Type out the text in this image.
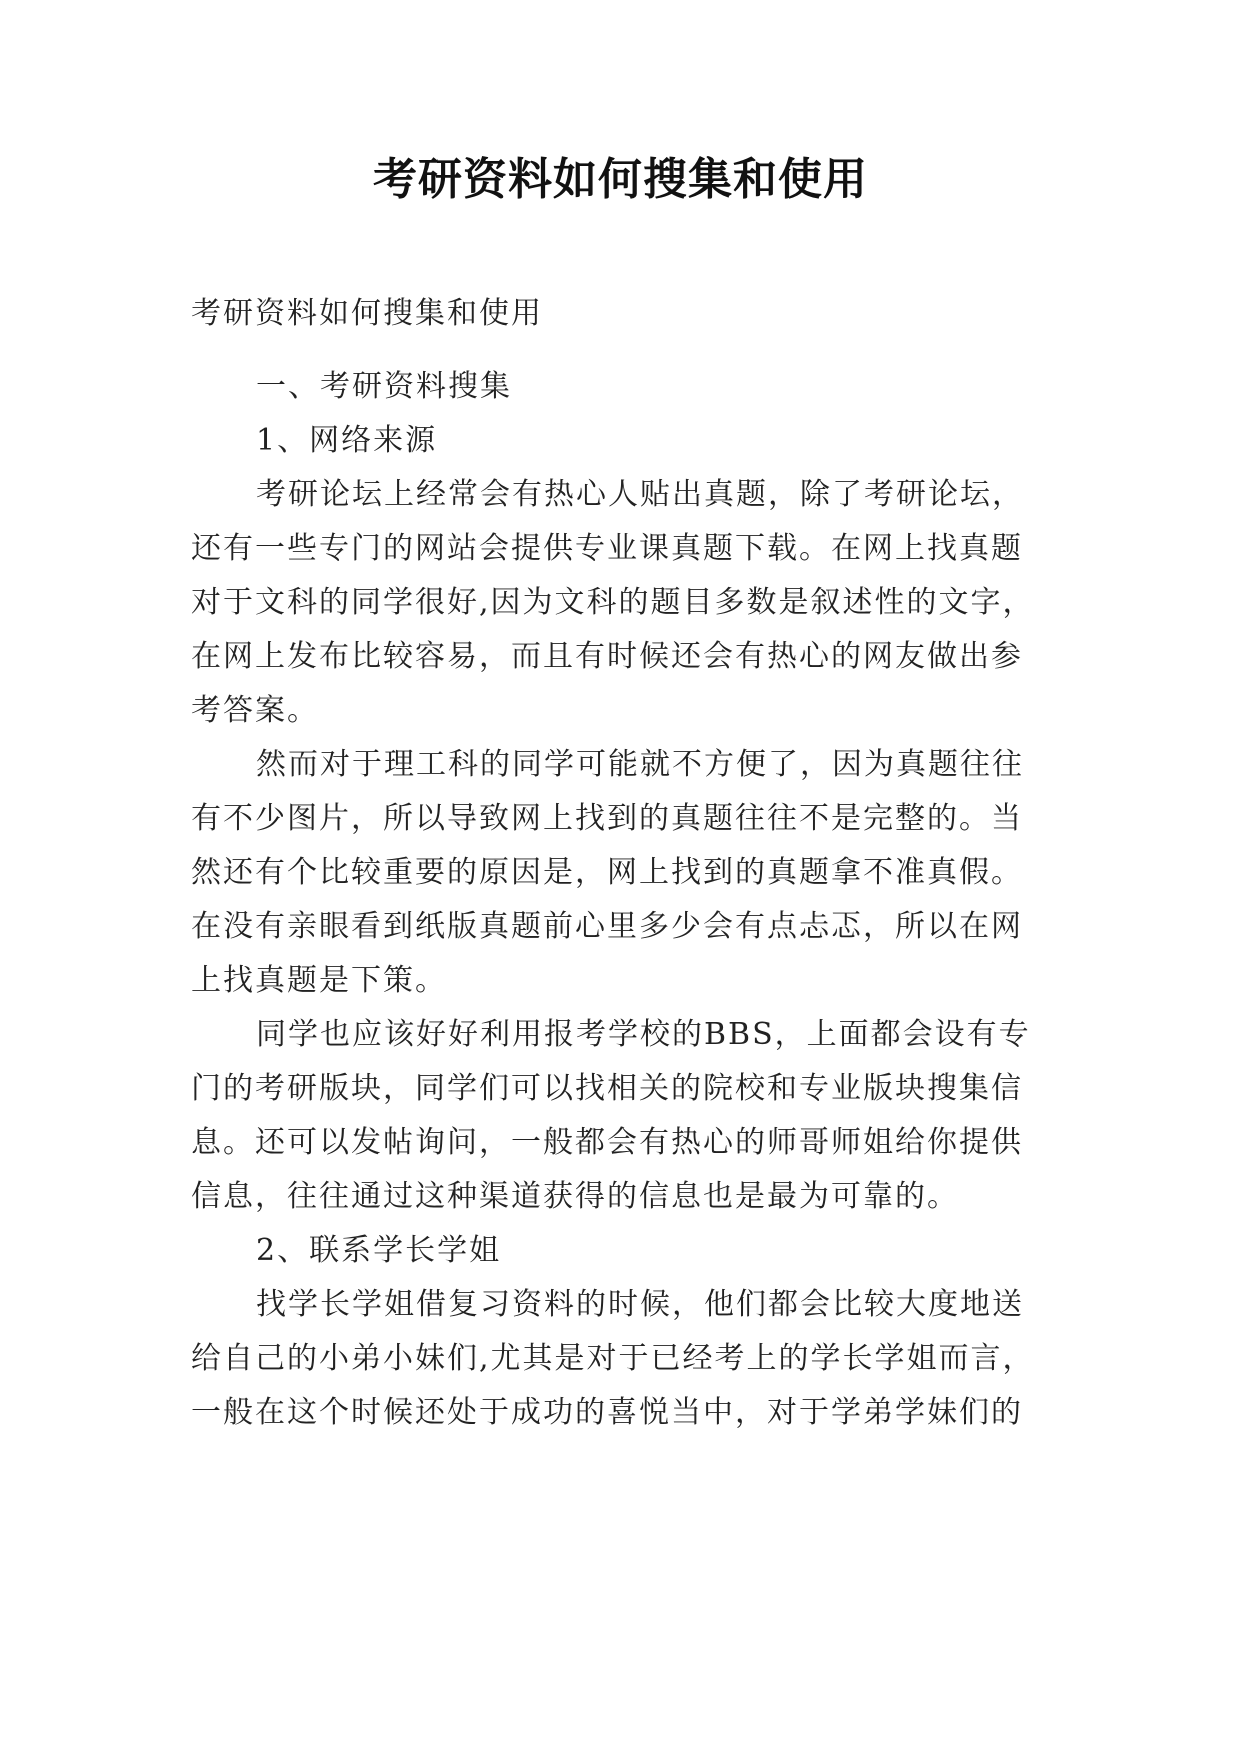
考研资料如何搜集和使用
考研资料如何搜集和使用
一、考研资料搜集
1、网络来源
考研论坛上经常会有热心人贴出真题，除了考研论坛，
还有一些专门的网站会提供专业课真题下载。在网上找真题
对于文科的同学很好,因为文科的题目多数是叙述性的文字，
在网上发布比较容易，而且有时候还会有热心的网友做出参
考答案。
然而对于理工科的同学可能就不方便了，因为真题往往
有不少图片，所以导致网上找到的真题往往不是完整的。当
然还有个比较重要的原因是，网上找到的真题拿不准真假。
在没有亲眼看到纸版真题前心里多少会有点忐忑，所以在网
上找真题是下策。
同学也应该好好利用报考学校的BBS，上面都会设有专
门的考研版块，同学们可以找相关的院校和专业版块搜集信
息。还可以发帖询问，一般都会有热心的师哥师姐给你提供
信息，往往通过这种渠道获得的信息也是最为可靠的。
2、联系学长学姐
找学长学姐借复习资料的时候，他们都会比较大度地送
给自己的小弟小妹们,尤其是对于已经考上的学长学姐而言，
一般在这个时候还处于成功的喜悦当中，对于学弟学妹们的
